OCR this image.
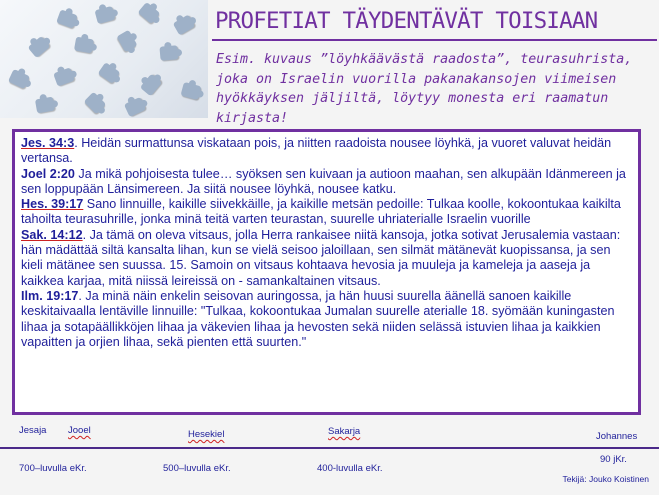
PROFETIAT TÄYDENTÄVÄT TOISIAAN

Esim. kuvaus ”löyhkäävästä raadosta”, teurasuhrista, joka on Israelin vuorilla pakanakansojen viimeisen hyökkäyksen jäljiltä, löytyy monesta eri raamatun kirjasta!

Jes. 34:3. Heidän surmattunsa viskataan pois, ja niitten raadoista nousee löyhkä, ja vuoret valuvat heidän vertansa.

Joel 2:20 Ja mikä pohjoisesta tulee… syöksen sen kuivaan ja autioon maahan, sen alkupään Idänmereen ja sen loppupään Länsimereen. Ja siitä nousee löyhkä, nousee katku.

Hes. 39:17 Sano linnuille, kaikille siivekkäille, ja kaikille metsän pedoille: Tulkaa koolle, kokoontukaa kaikilta tahoilta teurasuhrille, jonka minä teitä varten teurastan, suurelle uhriaterialle Israelin vuorille

Sak. 14:12. Ja tämä on oleva vitsaus, jolla Herra rankaisee niitä kansoja, jotka sotivat Jerusalemia vastaan: hän mädättää siltä kansalta lihan, kun se vielä seisoo jaloillaan, sen silmät mätänevät kuopissansa, ja sen kieli mätänee sen suussa. 15. Samoin on vitsaus kohtaava hevosia ja muuleja ja kameleja ja aaseja ja kaikkea karjaa, mitä niissä leireissä on - samankaltainen vitsaus.

Ilm. 19:17. Ja minä näin enkelin seisovan auringossa, ja hän huusi suurella äänellä sanoen kaikille keskitaivaalla lentäville linnuille: "Tulkaa, kokoontukaa Jumalan suurelle aterialle 18. syömään kuningasten lihaa ja sotapäällikköjen lihaa ja väkevien lihaa ja hevosten sekä niiden selässä istuvien lihaa ja kaikkien vapaitten ja orjien lihaa, sekä pienten että suurten."

Jesaja Jooel	Hesekiel	Sakarja	Johannes
700–luvulla eKr.	500–luvulla eKr.	400-luvulla eKr.
90 jKr.
Tekijä: Jouko Koistinen
